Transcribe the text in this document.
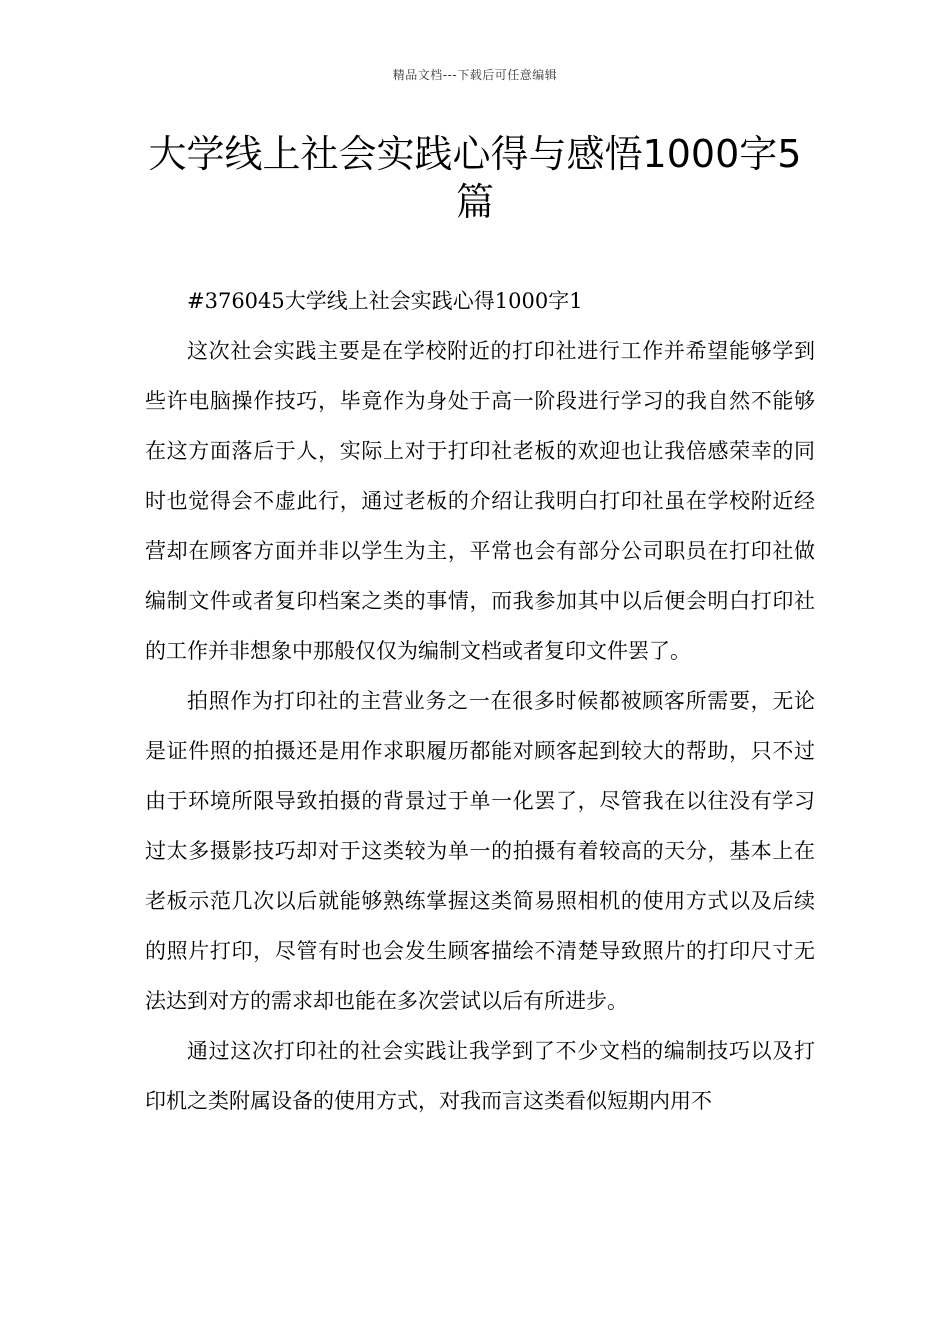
精品文档---下载后可任意编辑
大学线上社会实践心得与感悟1000字5篇

#376045大学线上社会实践心得1000字1

这次社会实践主要是在学校附近的打印社进行工作并希望能够学到些许电脑操作技巧，毕竟作为身处于高一阶段进行学习的我自然不能够在这方面落后于人，实际上对于打印社老板的欢迎也让我倍感荣幸的同时也觉得会不虚此行，通过老板的介绍让我明白打印社虽在学校附近经营却在顾客方面并非以学生为主，平常也会有部分公司职员在打印社做编制文件或者复印档案之类的事情，而我参加其中以后便会明白打印社的工作并非想象中那般仅仅为编制文档或者复印文件罢了。

拍照作为打印社的主营业务之一在很多时候都被顾客所需要，无论是证件照的拍摄还是用作求职履历都能对顾客起到较大的帮助，只不过由于环境所限导致拍摄的背景过于单一化罢了，尽管我在以往没有学习过太多摄影技巧却对于这类较为单一的拍摄有着较高的天分，基本上在老板示范几次以后就能够熟练掌握这类简易照相机的使用方式以及后续的照片打印，尽管有时也会发生顾客描绘不清楚导致照片的打印尺寸无法达到对方的需求却也能在多次尝试以后有所进步。

通过这次打印社的社会实践让我学到了不少文档的编制技巧以及打印机之类附属设备的使用方式，对我而言这类看似短期内用不
